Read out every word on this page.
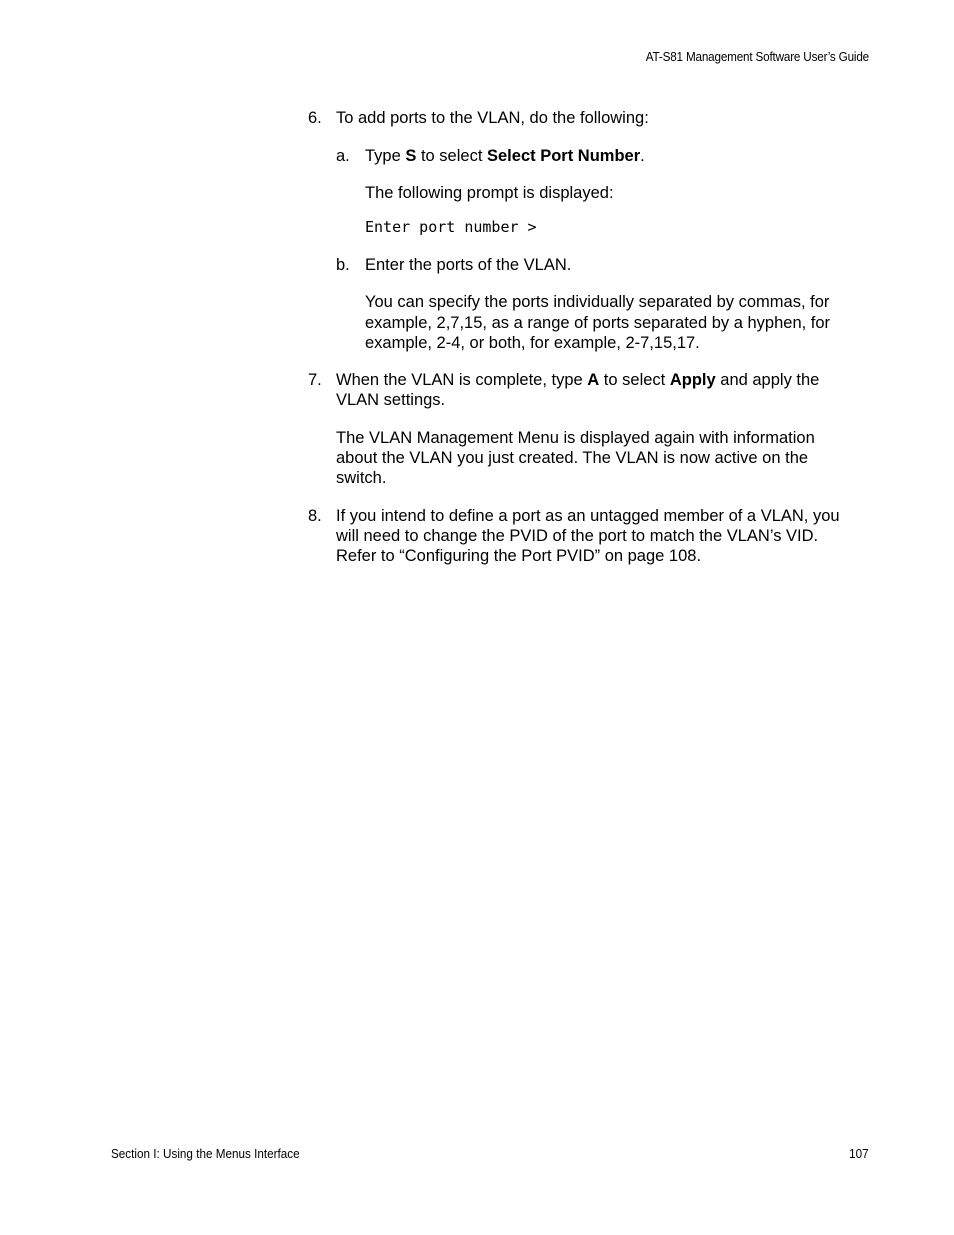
AT-S81 Management Software User’s Guide
6. To add ports to the VLAN, do the following:

a. Type S to select Select Port Number.

The following prompt is displayed:

Enter port number >
b. Enter the ports of the VLAN.

You can specify the ports individually separated by commas, for

example, 2,7,15, as a range of ports separated by a hyphen, for

example, 2-4, or both, for example, 2-7,15,17.

7. When the VLAN is complete, type A to select Apply and apply the

VLAN settings.

The VLAN Management Menu is displayed again with information

about the VLAN you just created. The VLAN is now active on the

switch.

8. If you intend to define a port as an untagged member of a VLAN, you

will need to change the PVID of the port to match the VLAN’s VID.

Refer to “Configuring the Port PVID” on page 108.

Section I: Using the Menus Interface	107
